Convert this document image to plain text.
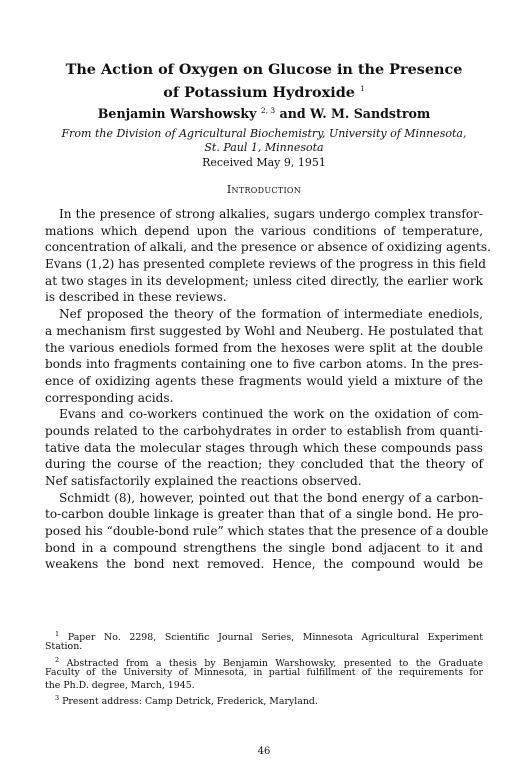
The Action of Oxygen on Glucose in the Presence
of Potassium Hydroxide $^1$
Benjamin Warshowsky $^{2, 3}$ and W. M. Sandstrom
From the Division of Agricultural Biochemistry, University of Minnesota,
St. Paul 1, Minnesota
Received May 9, 1951
Introduction
In the presence of strong alkalies, sugars undergo complex transfor-
mations which depend upon the various conditions of temperature,
concentration of alkali, and the presence or absence of oxidizing agents.
Evans (1,2) has presented complete reviews of the progress in this field
at two stages in its development; unless cited directly, the earlier work
is described in these reviews.
Nef proposed the theory of the formation of intermediate enediols,
a mechanism first suggested by Wohl and Neuberg. He postulated that
the various enediols formed from the hexoses were split at the double
bonds into fragments containing one to five carbon atoms. In the pres-
ence of oxidizing agents these fragments would yield a mixture of the
corresponding acids.
Evans and co-workers continued the work on the oxidation of com-
pounds related to the carbohydrates in order to establish from quanti-
tative data the molecular stages through which these compounds pass
during the course of the reaction; they concluded that the theory of
Nef satisfactorily explained the reactions observed.
Schmidt (8), however, pointed out that the bond energy of a carbon-
to-carbon double linkage is greater than that of a single bond. He pro-
posed his “double-bond rule” which states that the presence of a double
bond in a compound strengthens the single bond adjacent to it and
weakens the bond next removed. Hence, the compound would be
$^1$ Paper No. 2298, Scientific Journal Series, Minnesota Agricultural Experiment
Station.
$^2$ Abstracted from a thesis by Benjamin Warshowsky, presented to the Graduate
Faculty of the University of Minnesota, in partial fulfillment of the requirements for
the Ph.D. degree, March, 1945.
$^3$ Present address: Camp Detrick, Frederick, Maryland.
46
